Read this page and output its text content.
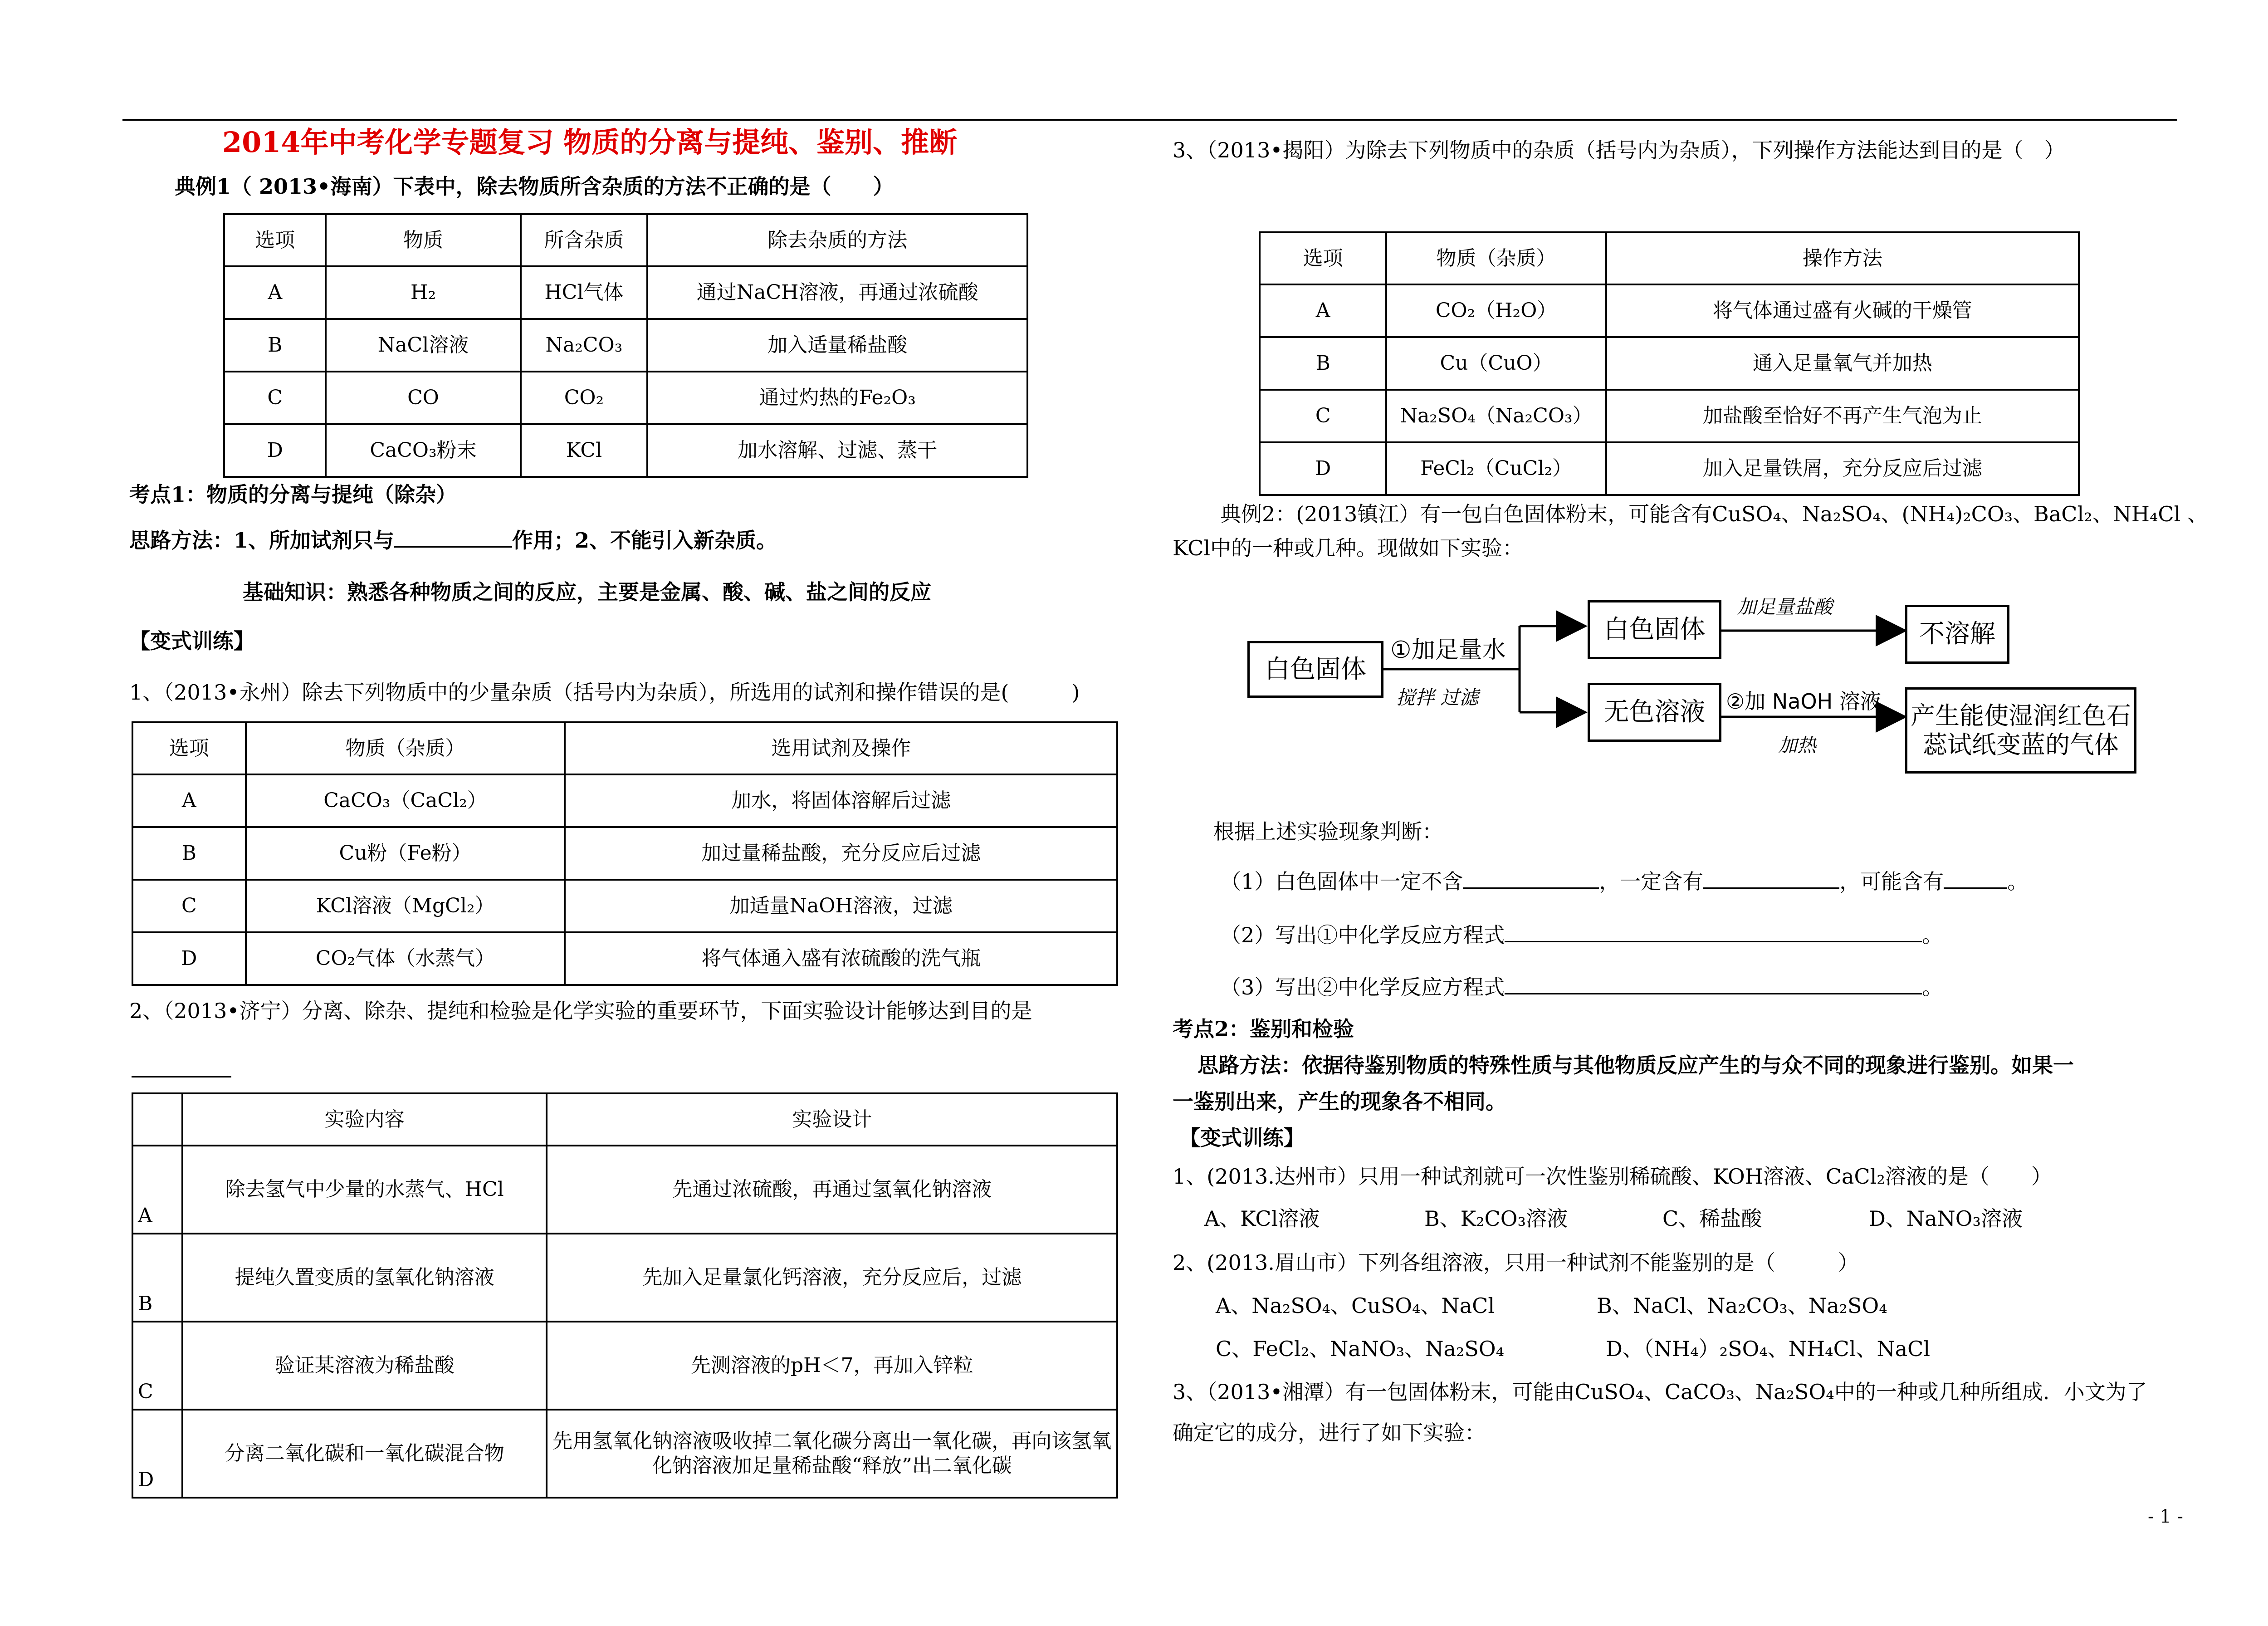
2014年中考化学专题复习 物质的分离与提纯、鉴别、推断
典例1（ 2013•海南）下表中，除去物质所含杂质的方法不正确的是（　　）
选项	物质	所含杂质	除去杂质的方法
A	H₂	HCl气体	通过NaCH溶液，再通过浓硫酸
B	NaCl溶液	Na₂CO₃	加入适量稀盐酸
C	CO	CO₂	通过灼热的Fe₂O₃
D	CaCO₃粉末	KCl	加水溶解、过滤、蒸干
考点1：物质的分离与提纯（除杂）
思路方法：1、所加试剂只与	作用；2、不能引入新杂质。
基础知识：熟悉各种物质之间的反应，主要是金属、酸、碱、盐之间的反应
【变式训练】
1、（2013•永州）除去下列物质中的少量杂质（括号内为杂质），所选用的试剂和操作错误的是(　　　)
选项	物质（杂质）	选用试剂及操作
A	CaCO₃（CaCl₂）	加水，将固体溶解后过滤
B	Cu粉（Fe粉）	加过量稀盐酸，充分反应后过滤
C	KCl溶液（MgCl₂）	加适量NaOH溶液，过滤
D	CO₂气体（水蒸气）	将气体通入盛有浓硫酸的洗气瓶
2、（2013•济宁）分离、除杂、提纯和检验是化学实验的重要环节，下面实验设计能够达到目的是
	实验内容	实验设计
A	除去氢气中少量的水蒸气、HCl	先通过浓硫酸，再通过氢氧化钠溶液
B	提纯久置变质的氢氧化钠溶液	先加入足量氯化钙溶液，充分反应后，过滤
C	验证某溶液为稀盐酸	先测溶液的pH＜7，再加入锌粒
D	分离二氧化碳和一氧化碳混合物	先用氢氧化钠溶液吸收掉二氧化碳分离出一氧化碳，再向该氢氧化钠溶液加足量稀盐酸“释放”出二氧化碳
3、（2013•揭阳）为除去下列物质中的杂质（括号内为杂质），下列操作方法能达到目的是（　）
选项	物质（杂质）	操作方法
A	CO₂（H₂O）	将气体通过盛有火碱的干燥管
B	Cu（CuO）	通入足量氧气并加热
C	Na₂SO₄（Na₂CO₃）	加盐酸至恰好不再产生气泡为止
D	FeCl₂（CuCl₂）	加入足量铁屑，充分反应后过滤
典例2：(2013镇江）有一包白色固体粉末，可能含有CuSO₄、Na₂SO₄、(NH₄)₂CO₃、BaCl₂、NH₄Cl 、
KCl中的一种或几种。现做如下实验：
白色固体
白色固体
无色溶液
不溶解
产生能使湿润红色石蕊试纸变蓝的气体
①加足量水
搅拌 过滤
加足量盐酸
②加 NaOH 溶液
加热
根据上述实验现象判断：
（1）白色固体中一定不含	，一定含有	，可能含有	。
（2）写出①中化学反应方程式	。
（3）写出②中化学反应方程式	。
考点2：鉴别和检验
思路方法：依据待鉴别物质的特殊性质与其他物质反应产生的与众不同的现象进行鉴别。如果一
一鉴别出来，产生的现象各不相同。
【变式训练】
1、(2013.达州市）只用一种试剂就可一次性鉴别稀硫酸、KOH溶液、CaCl₂溶液的是（　　）
A、KCl溶液	B、K₂CO₃溶液	C、稀盐酸	D、NaNO₃溶液
2、(2013.眉山市）下列各组溶液，只用一种试剂不能鉴别的是（　　　）
A、Na₂SO₄、CuSO₄、NaCl	B、NaCl、Na₂CO₃、Na₂SO₄
C、FeCl₂、NaNO₃、Na₂SO₄	D、（NH₄）₂SO₄、NH₄Cl、NaCl
3、（2013•湘潭）有一包固体粉末，可能由CuSO₄、CaCO₃、Na₂SO₄中的一种或几种所组成．小文为了
确定它的成分，进行了如下实验：
- 1 -
